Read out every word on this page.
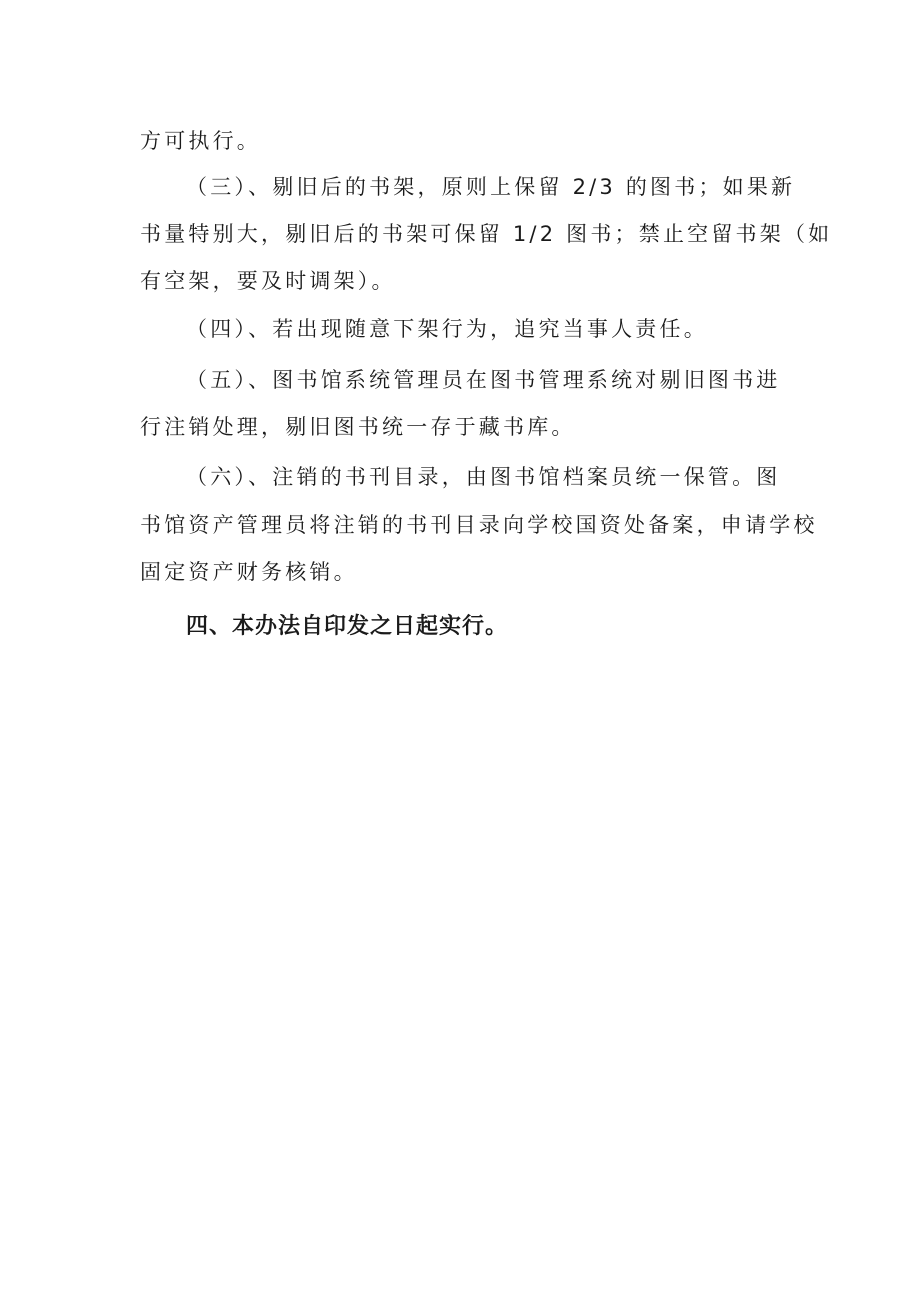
方可执行。
（三）、剔旧后的书架，原则上保留 2/3 的图书；如果新
书量特别大，剔旧后的书架可保留 1/2 图书；禁止空留书架（如
有空架，要及时调架）。
（四）、若出现随意下架行为，追究当事人责任。
（五）、图书馆系统管理员在图书管理系统对剔旧图书进
行注销处理，剔旧图书统一存于藏书库。
（六）、注销的书刊目录，由图书馆档案员统一保管。图
书馆资产管理员将注销的书刊目录向学校国资处备案，申请学校
固定资产财务核销。
四、本办法自印发之日起实行。
